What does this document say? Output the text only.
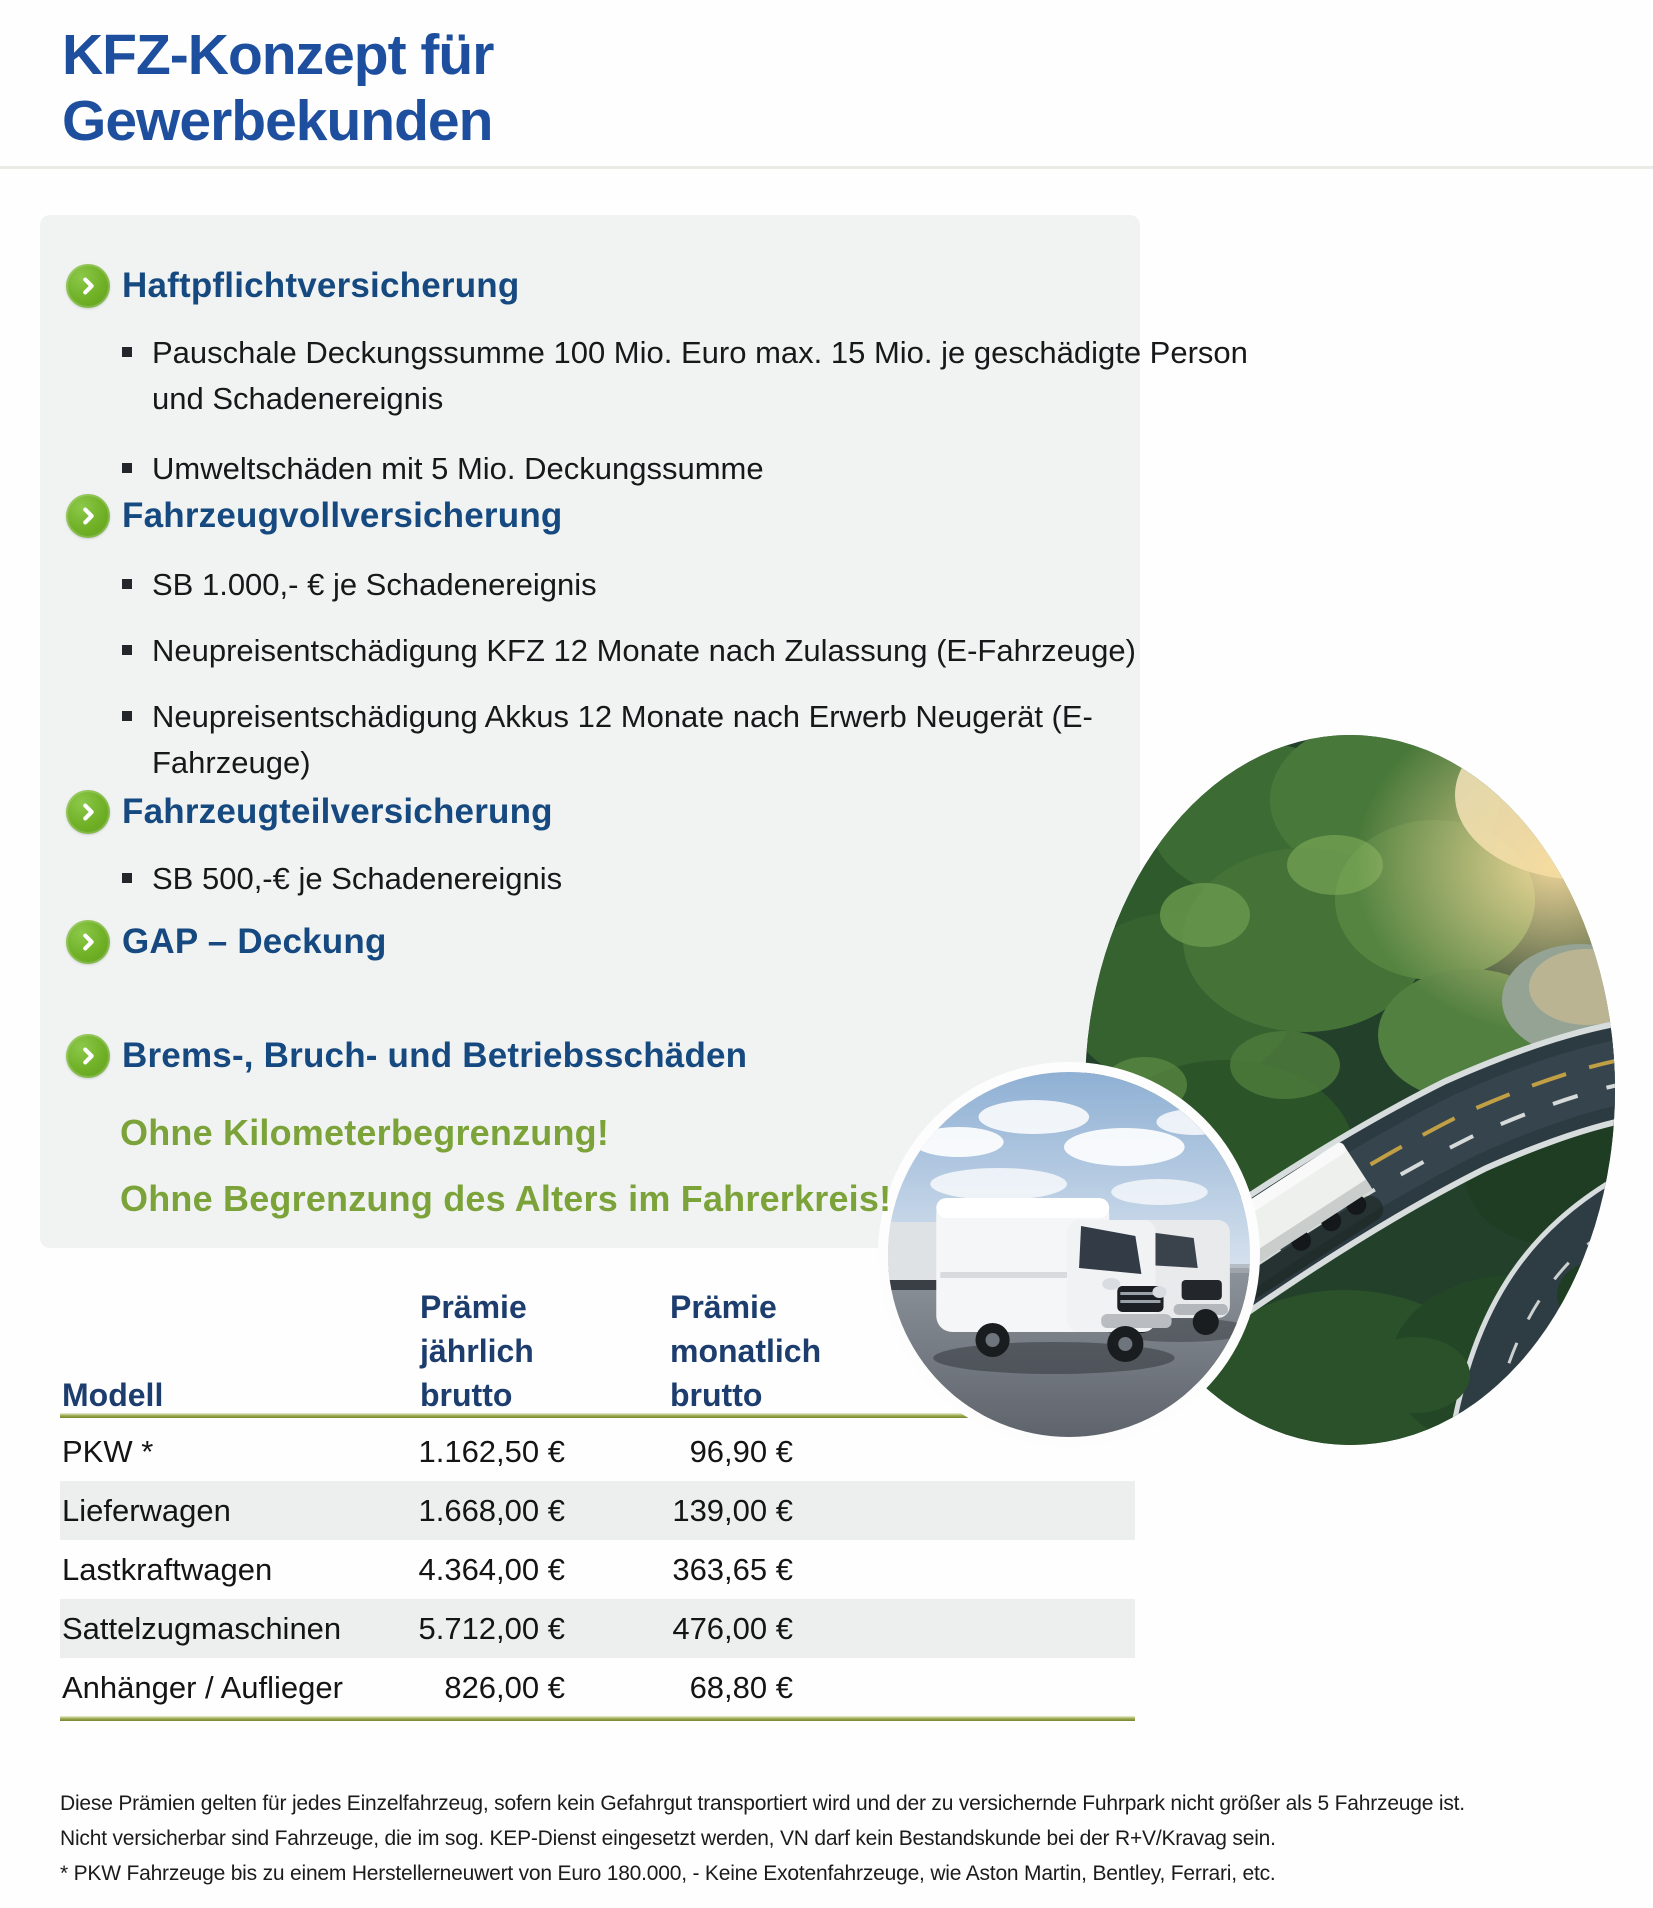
KFZ-Konzept für
Gewerbekunden
Haftpflichtversicherung
Pauschale Deckungssumme 100 Mio. Euro max. 15 Mio. je geschädigte Person
und Schadenereignis
Umweltschäden mit 5 Mio. Deckungssumme
Fahrzeugvollversicherung
SB 1.000,- € je Schadenereignis
Neupreisentschädigung KFZ 12 Monate nach Zulassung (E-Fahrzeuge)
Neupreisentschädigung Akkus 12 Monate nach Erwerb Neugerät (E-
Fahrzeuge)
Fahrzeugteilversicherung
SB 500,-€ je Schadenereignis
GAP – Deckung
Brems-, Bruch- und Betriebsschäden
Ohne Kilometerbegrenzung!
Ohne Begrenzung des Alters im Fahrerkreis!
Modell
Prämie
jährlich
brutto
Prämie
monatlich
brutto
PKW *	1.162,50 €	96,90 €
Lieferwagen	1.668,00 €	139,00 €
Lastkraftwagen	4.364,00 €	363,65 €
Sattelzugmaschinen	5.712,00 €	476,00 €
Anhänger / Auflieger	826,00 €	68,80 €
Diese Prämien gelten für jedes Einzelfahrzeug, sofern kein Gefahrgut transportiert wird und der zu versichernde Fuhrpark nicht größer als 5 Fahrzeuge ist.
Nicht versicherbar sind Fahrzeuge, die im sog. KEP-Dienst eingesetzt werden, VN darf kein Bestandskunde bei der R+V/Kravag sein.
* PKW Fahrzeuge bis zu einem Herstellerneuwert von Euro 180.000, - Keine Exotenfahrzeuge, wie Aston Martin, Bentley, Ferrari, etc.
